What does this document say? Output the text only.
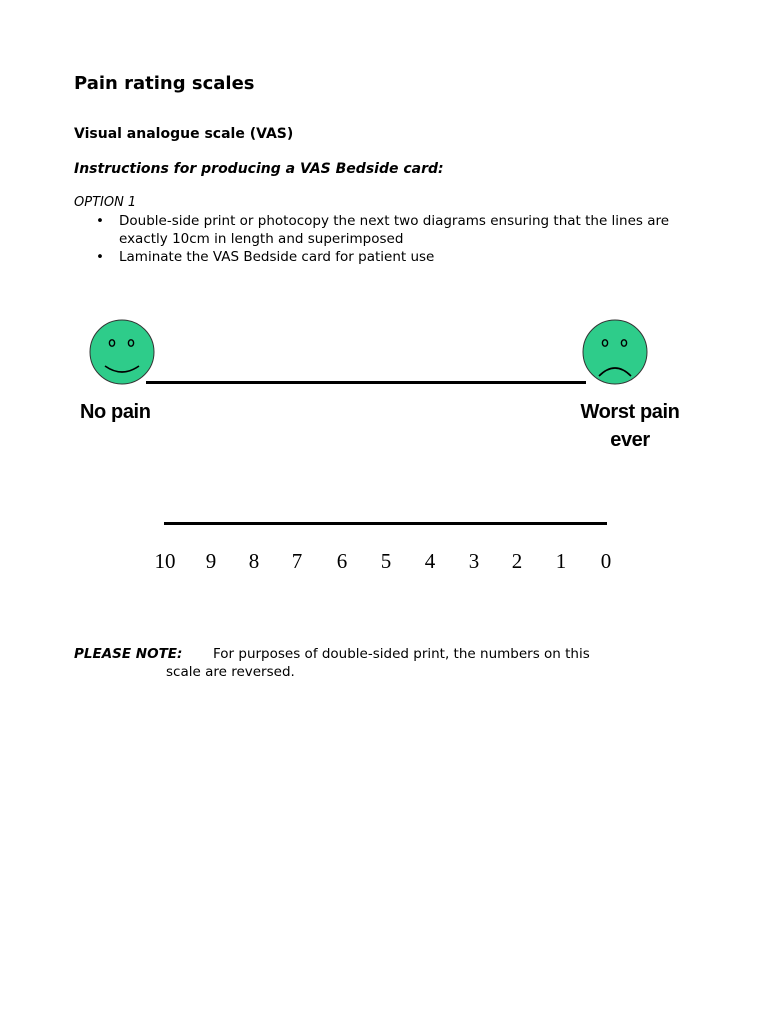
Pain rating scales
Visual analogue scale (VAS)
Instructions for producing a VAS Bedside card:
OPTION 1
• Double-side print or photocopy the next two diagrams ensuring that the lines are exactly 10cm in length and superimposed
• Laminate the VAS Bedside card for patient use
No pain	Worst pain ever
10 9 8 7 6 5 4 3 2 1 0
PLEASE NOTE: For purposes of double-sided print, the numbers on this
scale are reversed.
